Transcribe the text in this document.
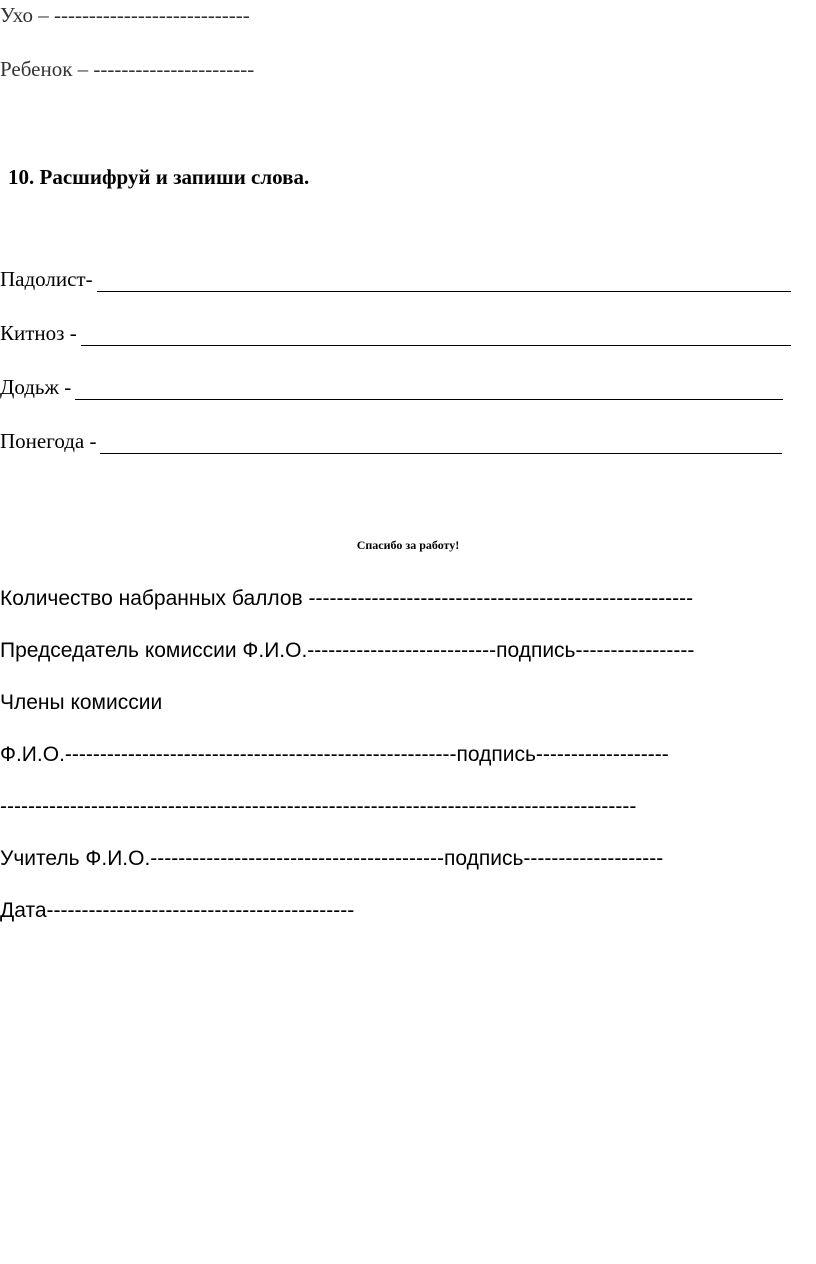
Ухо – ----------------------------
Ребенок – -----------------------
10. Расшифруй и запиши слова.
Падолист-
Китноз -
Додьж -
Понегода -
Спасибо за работу!
Количество набранных баллов -------------------------------------------------------
Председатель комиссии Ф.И.О.---------------------------подпись-----------------
Члены комиссии
Ф.И.О.--------------------------------------------------------подпись-------------------
-------------------------------------------------------------------------------------------
Учитель Ф.И.О.------------------------------------------подпись--------------------
Дата--------------------------------------------
